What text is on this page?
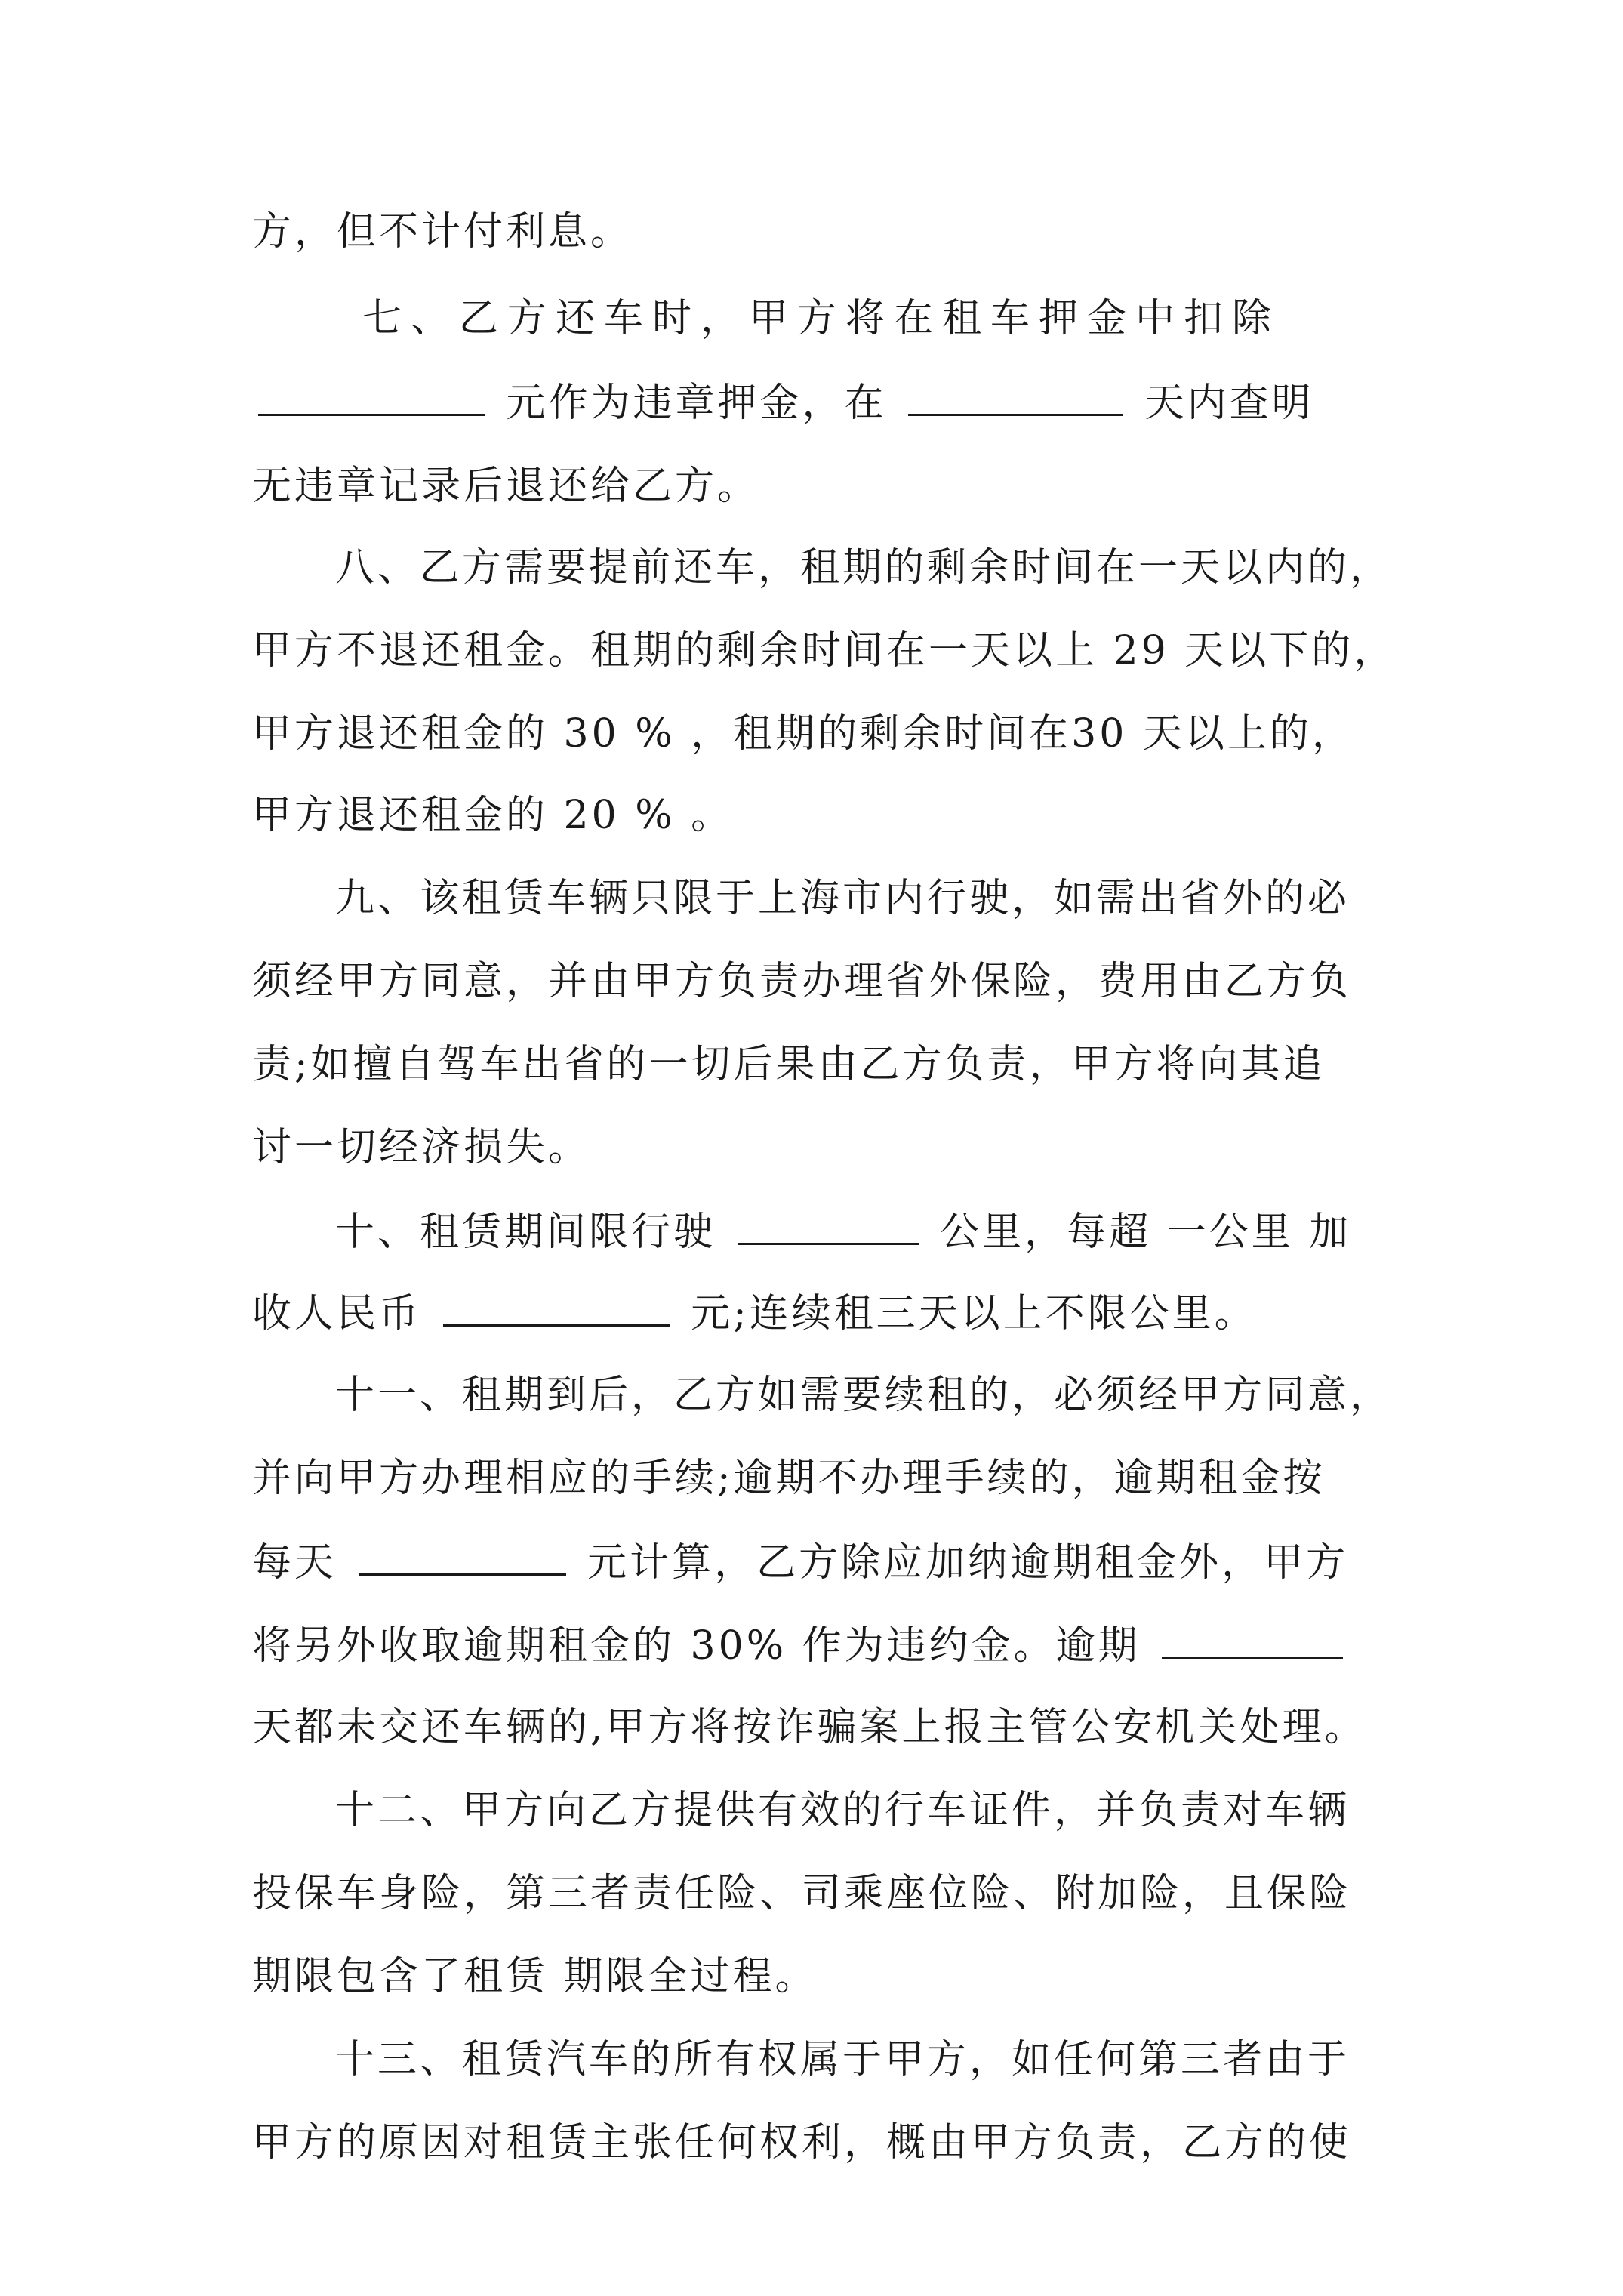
方，但不计付利息。
七、乙方还车时，甲方将在租车押金中扣除
元作为违章押金，在	天内查明
无违章记录后退还给乙方。
八、乙方需要提前还车，租期的剩余时间在一天以内的，
甲方不退还租金。租期的剩余时间在一天以上 29 天以下的，
甲方退还租金的 30 % ，租期的剩余时间在30 天以上的，
甲方退还租金的 20 % 。
九、该租赁车辆只限于上海市内行驶，如需出省外的必
须经甲方同意，并由甲方负责办理省外保险，费用由乙方负
责;如擅自驾车出省的一切后果由乙方负责，甲方将向其追
讨一切经济损失。
十、租赁期间限行驶	公里，每超 一公里 加
收人民币	元;连续租三天以上不限公里。
十一、租期到后，乙方如需要续租的，必须经甲方同意，
并向甲方办理相应的手续;逾期不办理手续的，逾期租金按
每天	元计算，乙方除应加纳逾期租金外，甲方
将另外收取逾期租金的 30% 作为违约金。逾期
天都未交还车辆的,甲方将按诈骗案上报主管公安机关处理。
十二、甲方向乙方提供有效的行车证件，并负责对车辆
投保车身险，第三者责任险、司乘座位险、附加险，且保险
期限包含了租赁 期限全过程。
十三、租赁汽车的所有权属于甲方，如任何第三者由于
甲方的原因对租赁主张任何权利，概由甲方负责，乙方的使
